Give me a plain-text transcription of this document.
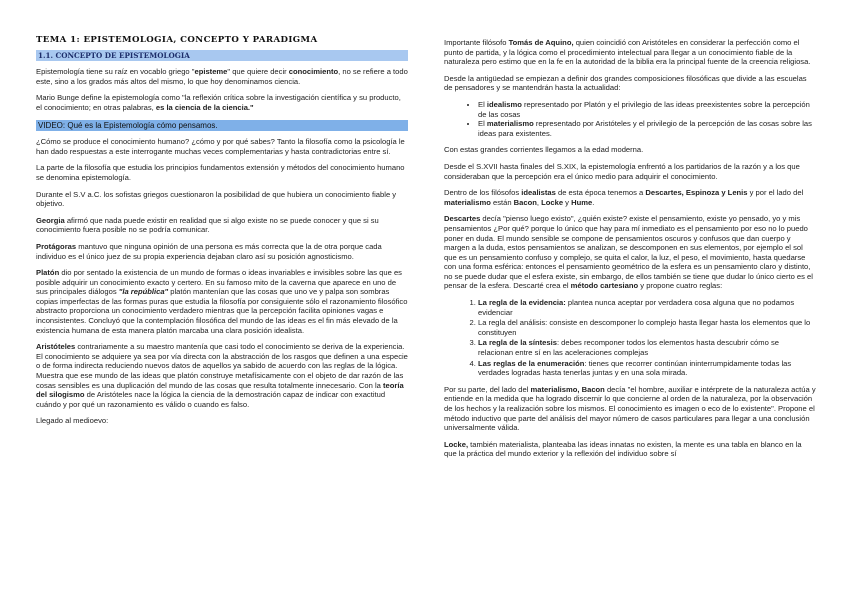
TEMA 1: EPISTEMOLOGIA, CONCEPTO Y PARADIGMA
1.1. CONCEPTO DE EPISTEMOLOGIA

Epistemología tiene su raíz en vocablo griego "episteme" que quiere decir conocimiento, no se refiere a todo este, sino a los grados más altos del mismo, lo que hoy denominamos ciencia.

Mario Bunge define la epistemología como "la reflexión crítica sobre la investigación científica y su producto, el conocimiento; en otras palabras, es la ciencia de la ciencia."

VIDEO: Qué es la Epistemología cómo pensamos.

¿Cómo se produce el conocimiento humano? ¿cómo y por qué sabes? Tanto la filosofía como la psicología le han dado respuestas a este interrogante muchas veces complementarias y hasta contradictorias entre sí.

La parte de la filosofía que estudia los principios fundamentos extensión y métodos del conocimiento humano se denomina epistemología.

Durante el S.V a.C. los sofistas griegos cuestionaron la posibilidad de que hubiera un conocimiento fiable y objetivo.

Georgia afirmó que nada puede existir en realidad que si algo existe no se puede conocer y que si su conocimiento fuera posible no se podría comunicar.

Protágoras mantuvo que ninguna opinión de una persona es más correcta que la de otra porque cada individuo es el único juez de su propia experiencia dejaban claro así su posición agnosticismo.

Platón dio por sentado la existencia de un mundo de formas o ideas invariables e invisibles sobre las que es posible adquirir un conocimiento exacto y certero. En su famoso mito de la caverna que aparece en uno de sus principales diálogos "la república" platón mantenían que las cosas que uno ve y palpa son sombras copias imperfectas de las formas puras que estudia la filosofía por consiguiente sólo el razonamiento filosófico abstracto proporciona un conocimiento verdadero mientras que la percepción facilita opiniones vagas e inconsistentes. Concluyó que la contemplación filosófica del mundo de las ideas es el fin más elevado de la existencia humana de esta manera platón marcaba una clara posición idealista.

Aristóteles contrariamente a su maestro mantenía que casi todo el conocimiento se deriva de la experiencia. El conocimiento se adquiere ya sea por vía directa con la abstracción de los rasgos que definen a una especie o de forma indirecta reduciendo nuevos datos de aquellos ya sabido de acuerdo con las reglas de la lógica. Muestra que ese mundo de las ideas que platón construye metafísicamente con el objeto de dar razón de las cosas sensibles es una duplicación del mundo de las cosas que resulta totalmente innecesario. Con la teoría del silogismo de Aristóteles nace la lógica la ciencia de la demostración capaz de indicar con exactitud cuándo y por qué un razonamiento es válido o cuando es falso.

Llegado al medioevo:

Importante filósofo Tomás de Aquino, quien coincidió con Aristóteles en considerar la perfección como el punto de partida, y la lógica como el procedimiento intelectual para llegar a un conocimiento fiable de la naturaleza pero estimo que en la fe en la autoridad de la biblia era la principal fuente de la creencia religiosa.

Desde la antigüedad se empiezan a definir dos grandes composiciones filosóficas que divide a las escuelas de pensadores y se mantendrán hasta la actualidad:

• El idealismo representado por Platón y el privilegio de las ideas preexistentes sobre la percepción de las cosas
• El materialismo representado por Aristóteles y el privilegio de la percepción de las cosas sobre las ideas para existentes.

Con estas grandes corrientes llegamos a la edad moderna.

Desde el S.XVII hasta finales del S.XIX, la epistemología enfrentó a los partidarios de la razón y a los que consideraban que la percepción era el único medio para adquirir el conocimiento.

Dentro de los filósofos idealistas de esta época tenemos a Descartes, Espinoza y Lenis y por el lado del materialismo están Bacon, Locke y Hume.

Descartes decía "pienso luego existo", ¿quién existe? existe el pensamiento, existe yo pensado, yo y mis pensamientos ¿Por qué? porque lo único que hay para mí inmediato es el pensamiento por eso no lo puedo poner en duda. El mundo sensible se compone de pensamientos oscuros y confusos que dan cuerpo y margen a la duda, estos pensamientos se analizan, se descomponen en sus elementos, por ejemplo el sol que es un pensamiento confuso y complejo, se quita el calor, la luz, el peso, el movimiento, hasta quedarse con una forma esférica: entonces el pensamiento geométrico de la esfera es un pensamiento claro y distinto, no se puede dudar que el esfera existe, sin embargo, de ellos también se tiene que dudar lo único cierto es el pensar de la esfera. Descarté crea el método cartesiano y propone cuatro reglas:

1. La regla de la evidencia: plantea nunca aceptar por verdadera cosa alguna que no podamos evidenciar
2. La regla del análisis: consiste en descomponer lo complejo hasta llegar hasta los elementos que lo constituyen
3. La regla de la síntesis: debes recomponer todos los elementos hasta descubrir cómo se relacionan entre sí en las aceleraciones complejas
4. Las reglas de la enumeración: tienes que recorrer continúan ininterrumpidamente todas las verdades logradas hasta tenerlas juntas y en una sola mirada.

Por su parte, del lado del materialismo, Bacon decía "el hombre, auxiliar e intérprete de la naturaleza actúa y entiende en la medida que ha logrado discernir lo que concierne al orden de la naturaleza, por la observación de los hechos y la realización sobre los mismos. El conocimiento es imagen o eco de lo existente". Propone el método inductivo que parte del análisis del mayor número de casos particulares para llegar a una conclusión universalmente válida.

Locke, también materialista, planteaba las ideas innatas no existen, la mente es una tabla en blanco en la que la práctica del mundo exterior y la reflexión del individuo sobre sí
